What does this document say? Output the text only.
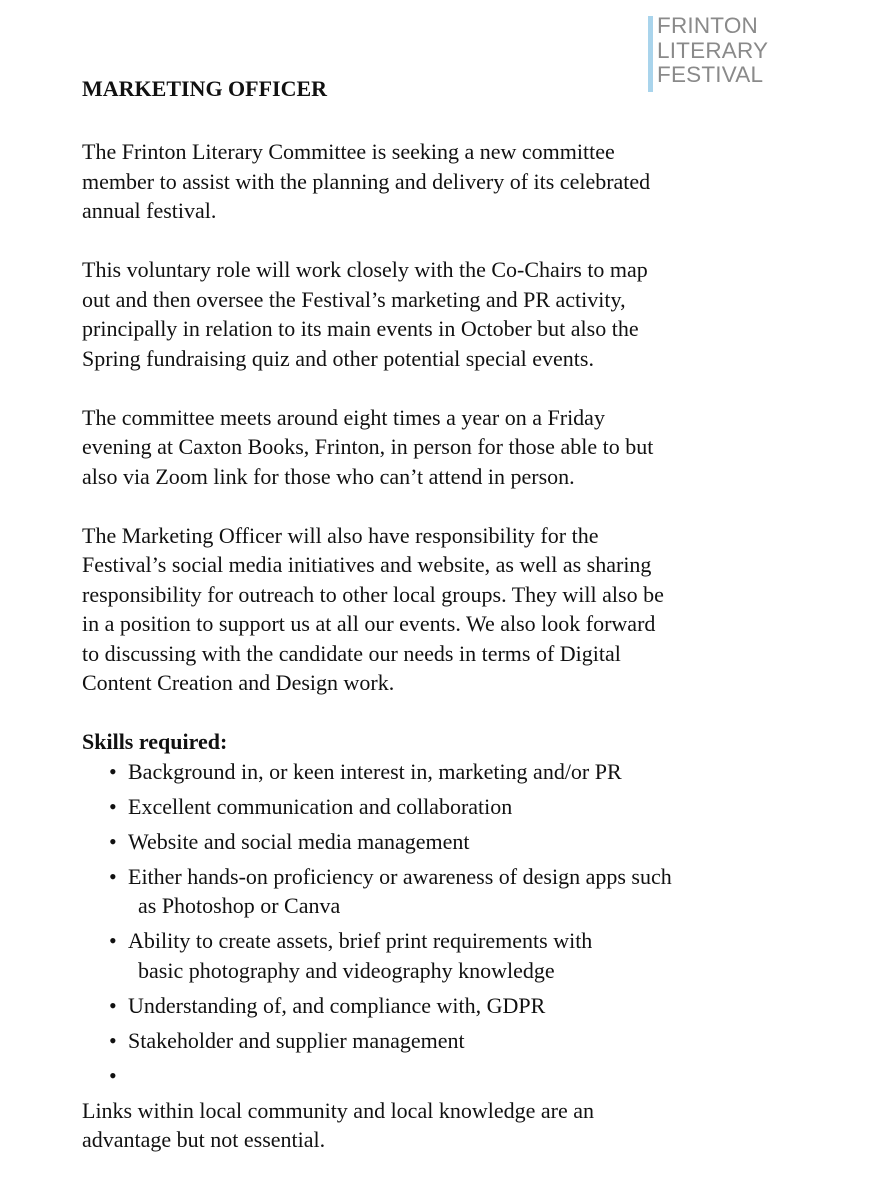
FRINTON
LITERARY
FESTIVAL
MARKETING OFFICER

The Frinton Literary Committee is seeking a new committee
member to assist with the planning and delivery of its celebrated
annual festival.

This voluntary role will work closely with the Co-Chairs to map
out and then oversee the Festival’s marketing and PR activity,
principally in relation to its main events in October but also the
Spring fundraising quiz and other potential special events.

The committee meets around eight times a year on a Friday
evening at Caxton Books, Frinton, in person for those able to but
also via Zoom link for those who can’t attend in person.

The Marketing Officer will also have responsibility for the
Festival’s social media initiatives and website, as well as sharing
responsibility for outreach to other local groups. They will also be
in a position to support us at all our events. We also look forward
to discussing with the candidate our needs in terms of Digital
Content Creation and Design work.

Skills required:

• Background in, or keen interest in, marketing and/or PR
• Excellent communication and collaboration
• Website and social media management
• Either hands-on proficiency or awareness of design apps such
as Photoshop or Canva
• Ability to create assets, brief print requirements with
basic photography and videography knowledge
• Understanding of, and compliance with, GDPR
• Stakeholder and supplier management
•

Links within local community and local knowledge are an
advantage but not essential.
